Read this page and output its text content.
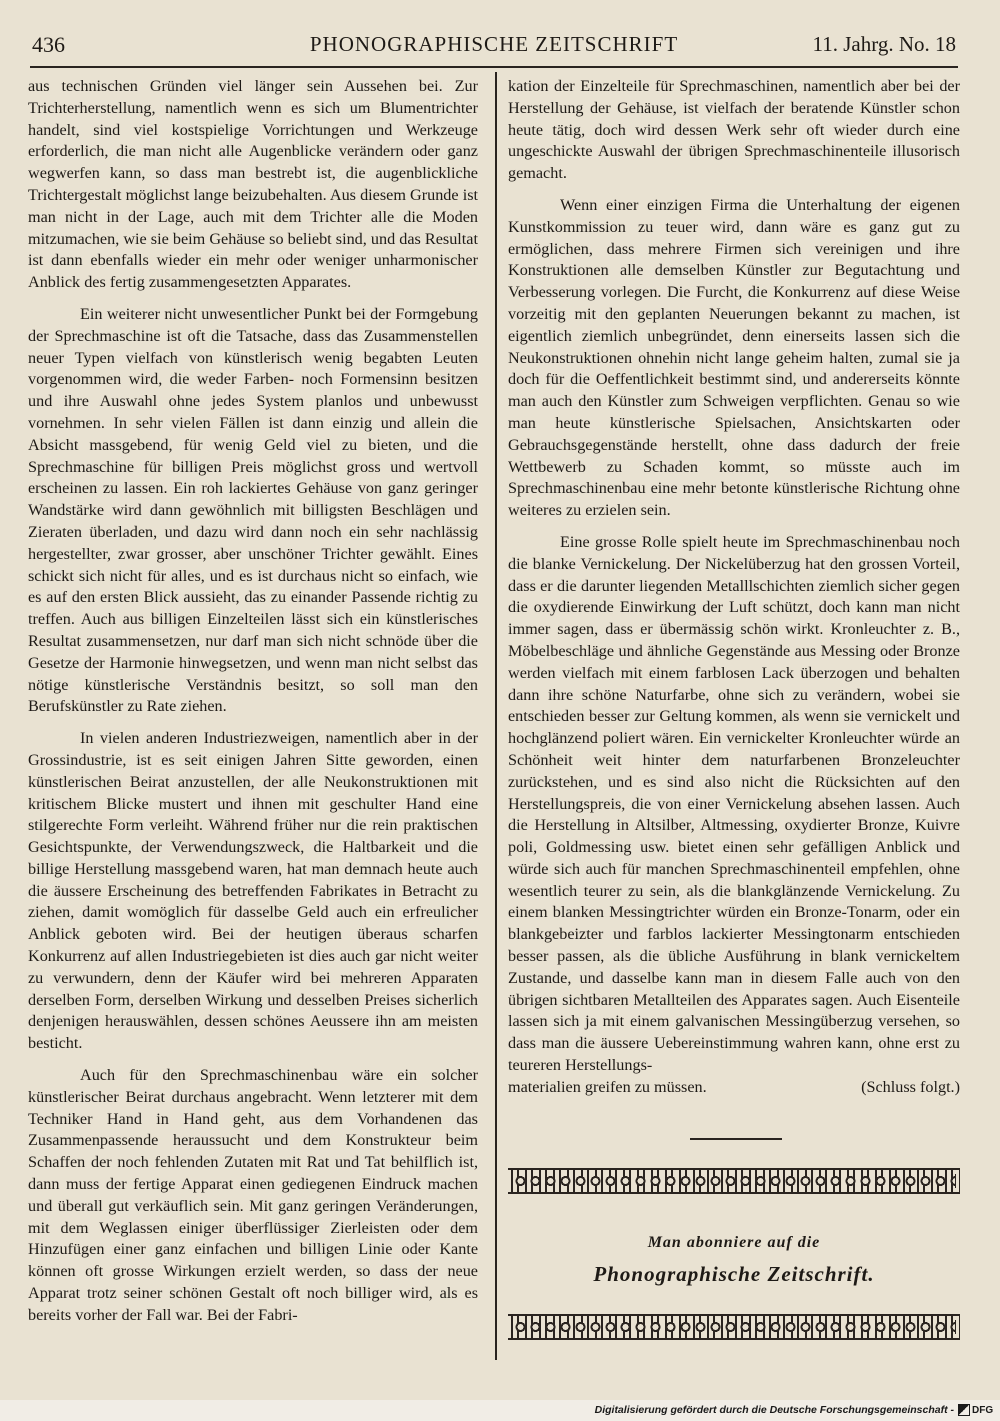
436	PHONOGRAPHISCHE ZEITSCHRIFT	11. Jahrg. No. 18

aus technischen Gründen viel länger sein Aussehen bei. Zur Trichterherstellung, namentlich wenn es sich um Blumentrichter handelt, sind viel kostspielige Vorrichtungen und Werkzeuge erforderlich, die man nicht alle Augenblicke verändern oder ganz wegwerfen kann, so dass man bestrebt ist, die augenblickliche Trichtergestalt möglichst lange beizubehalten. Aus diesem Grunde ist man nicht in der Lage, auch mit dem Trichter alle die Moden mitzumachen, wie sie beim Gehäuse so beliebt sind, und das Resultat ist dann ebenfalls wieder ein mehr oder weniger unharmonischer Anblick des fertig zusammengesetzten Apparates.

Ein weiterer nicht unwesentlicher Punkt bei der Formgebung der Sprechmaschine ist oft die Tatsache, dass das Zusammenstellen neuer Typen vielfach von künstlerisch wenig begabten Leuten vorgenommen wird, die weder Farben- noch Formensinn besitzen und ihre Auswahl ohne jedes System planlos und unbewusst vornehmen. In sehr vielen Fällen ist dann einzig und allein die Absicht massgebend, für wenig Geld viel zu bieten, und die Sprechmaschine für billigen Preis möglichst gross und wertvoll erscheinen zu lassen. Ein roh lackiertes Gehäuse von ganz geringer Wandstärke wird dann gewöhnlich mit billigsten Beschlägen und Zieraten überladen, und dazu wird dann noch ein sehr nachlässig hergestellter, zwar grosser, aber unschöner Trichter gewählt. Eines schickt sich nicht für alles, und es ist durchaus nicht so einfach, wie es auf den ersten Blick aussieht, das zu einander Passende richtig zu treffen. Auch aus billigen Einzelteilen lässt sich ein künstlerisches Resultat zusammensetzen, nur darf man sich nicht schnöde über die Gesetze der Harmonie hinwegsetzen, und wenn man nicht selbst das nötige künstlerische Verständnis besitzt, so soll man den Berufskünstler zu Rate ziehen.

In vielen anderen Industriezweigen, namentlich aber in der Grossindustrie, ist es seit einigen Jahren Sitte geworden, einen künstlerischen Beirat anzustellen, der alle Neukonstruktionen mit kritischem Blicke mustert und ihnen mit geschulter Hand eine stilgerechte Form verleiht. Während früher nur die rein praktischen Gesichtspunkte, der Verwendungszweck, die Haltbarkeit und die billige Herstellung massgebend waren, hat man demnach heute auch die äussere Erscheinung des betreffenden Fabrikates in Betracht zu ziehen, damit womöglich für dasselbe Geld auch ein erfreulicher Anblick geboten wird. Bei der heutigen überaus scharfen Konkurrenz auf allen Industriegebieten ist dies auch gar nicht weiter zu verwundern, denn der Käufer wird bei mehreren Apparaten derselben Form, derselben Wirkung und desselben Preises sicherlich denjenigen herauswählen, dessen schönes Aeussere ihn am meisten besticht.

Auch für den Sprechmaschinenbau wäre ein solcher künstlerischer Beirat durchaus angebracht. Wenn letzterer mit dem Techniker Hand in Hand geht, aus dem Vorhandenen das Zusammenpassende heraussucht und dem Konstrukteur beim Schaffen der noch fehlenden Zutaten mit Rat und Tat behilflich ist, dann muss der fertige Apparat einen gediegenen Eindruck machen und überall gut verkäuflich sein. Mit ganz geringen Veränderungen, mit dem Weglassen einiger überflüssiger Zierleisten oder dem Hinzufügen einer ganz einfachen und billigen Linie oder Kante können oft grosse Wirkungen erzielt werden, so dass der neue Apparat trotz seiner schönen Gestalt oft noch billiger wird, als es bereits vorher der Fall war. Bei der Fabri-

kation der Einzelteile für Sprechmaschinen, namentlich aber bei der Herstellung der Gehäuse, ist vielfach der beratende Künstler schon heute tätig, doch wird dessen Werk sehr oft wieder durch eine ungeschickte Auswahl der übrigen Sprechmaschinenteile illusorisch gemacht.

Wenn einer einzigen Firma die Unterhaltung der eigenen Kunstkommission zu teuer wird, dann wäre es ganz gut zu ermöglichen, dass mehrere Firmen sich vereinigen und ihre Konstruktionen alle demselben Künstler zur Begutachtung und Verbesserung vorlegen. Die Furcht, die Konkurrenz auf diese Weise vorzeitig mit den geplanten Neuerungen bekannt zu machen, ist eigentlich ziemlich unbegründet, denn einerseits lassen sich die Neukonstruktionen ohnehin nicht lange geheim halten, zumal sie ja doch für die Oeffentlichkeit bestimmt sind, und andererseits könnte man auch den Künstler zum Schweigen verpflichten. Genau so wie man heute künstlerische Spielsachen, Ansichtskarten oder Gebrauchsgegenstände herstellt, ohne dass dadurch der freie Wettbewerb zu Schaden kommt, so müsste auch im Sprechmaschinenbau eine mehr betonte künstlerische Richtung ohne weiteres zu erzielen sein.

Eine grosse Rolle spielt heute im Sprechmaschinenbau noch die blanke Vernickelung. Der Nickelüberzug hat den grossen Vorteil, dass er die darunter liegenden Metalllschichten ziemlich sicher gegen die oxydierende Einwirkung der Luft schützt, doch kann man nicht immer sagen, dass er übermässig schön wirkt. Kronleuchter z. B., Möbelbeschläge und ähnliche Gegenstände aus Messing oder Bronze werden vielfach mit einem farblosen Lack überzogen und behalten dann ihre schöne Naturfarbe, ohne sich zu verändern, wobei sie entschieden besser zur Geltung kommen, als wenn sie vernickelt und hochglänzend poliert wären. Ein vernickelter Kronleuchter würde an Schönheit weit hinter dem naturfarbenen Bronzeleuchter zurückstehen, und es sind also nicht die Rücksichten auf den Herstellungspreis, die von einer Vernickelung absehen lassen. Auch die Herstellung in Altsilber, Altmessing, oxydierter Bronze, Kuivre poli, Goldmessing usw. bietet einen sehr gefälligen Anblick und würde sich auch für manchen Sprechmaschinenteil empfehlen, ohne wesentlich teurer zu sein, als die blankglänzende Vernickelung. Zu einem blanken Messingtrichter würden ein Bronze-Tonarm, oder ein blankgebeizter und farblos lackierter Messingtonarm entschieden besser passen, als die übliche Ausführung in blank vernickeltem Zustande, und dasselbe kann man in diesem Falle auch von den übrigen sichtbaren Metallteilen des Apparates sagen. Auch Eisenteile lassen sich ja mit einem galvanischen Messingüberzug versehen, so dass man die äussere Uebereinstimmung wahren kann, ohne erst zu teureren Herstellungs-

materialien greifen zu müssen.	(Schluss folgt.)
Man abonniere auf die
Phonographische Zeitschrift.
Digitalisierung gefördert durch die Deutsche Forschungsgemeinschaft - DFG
